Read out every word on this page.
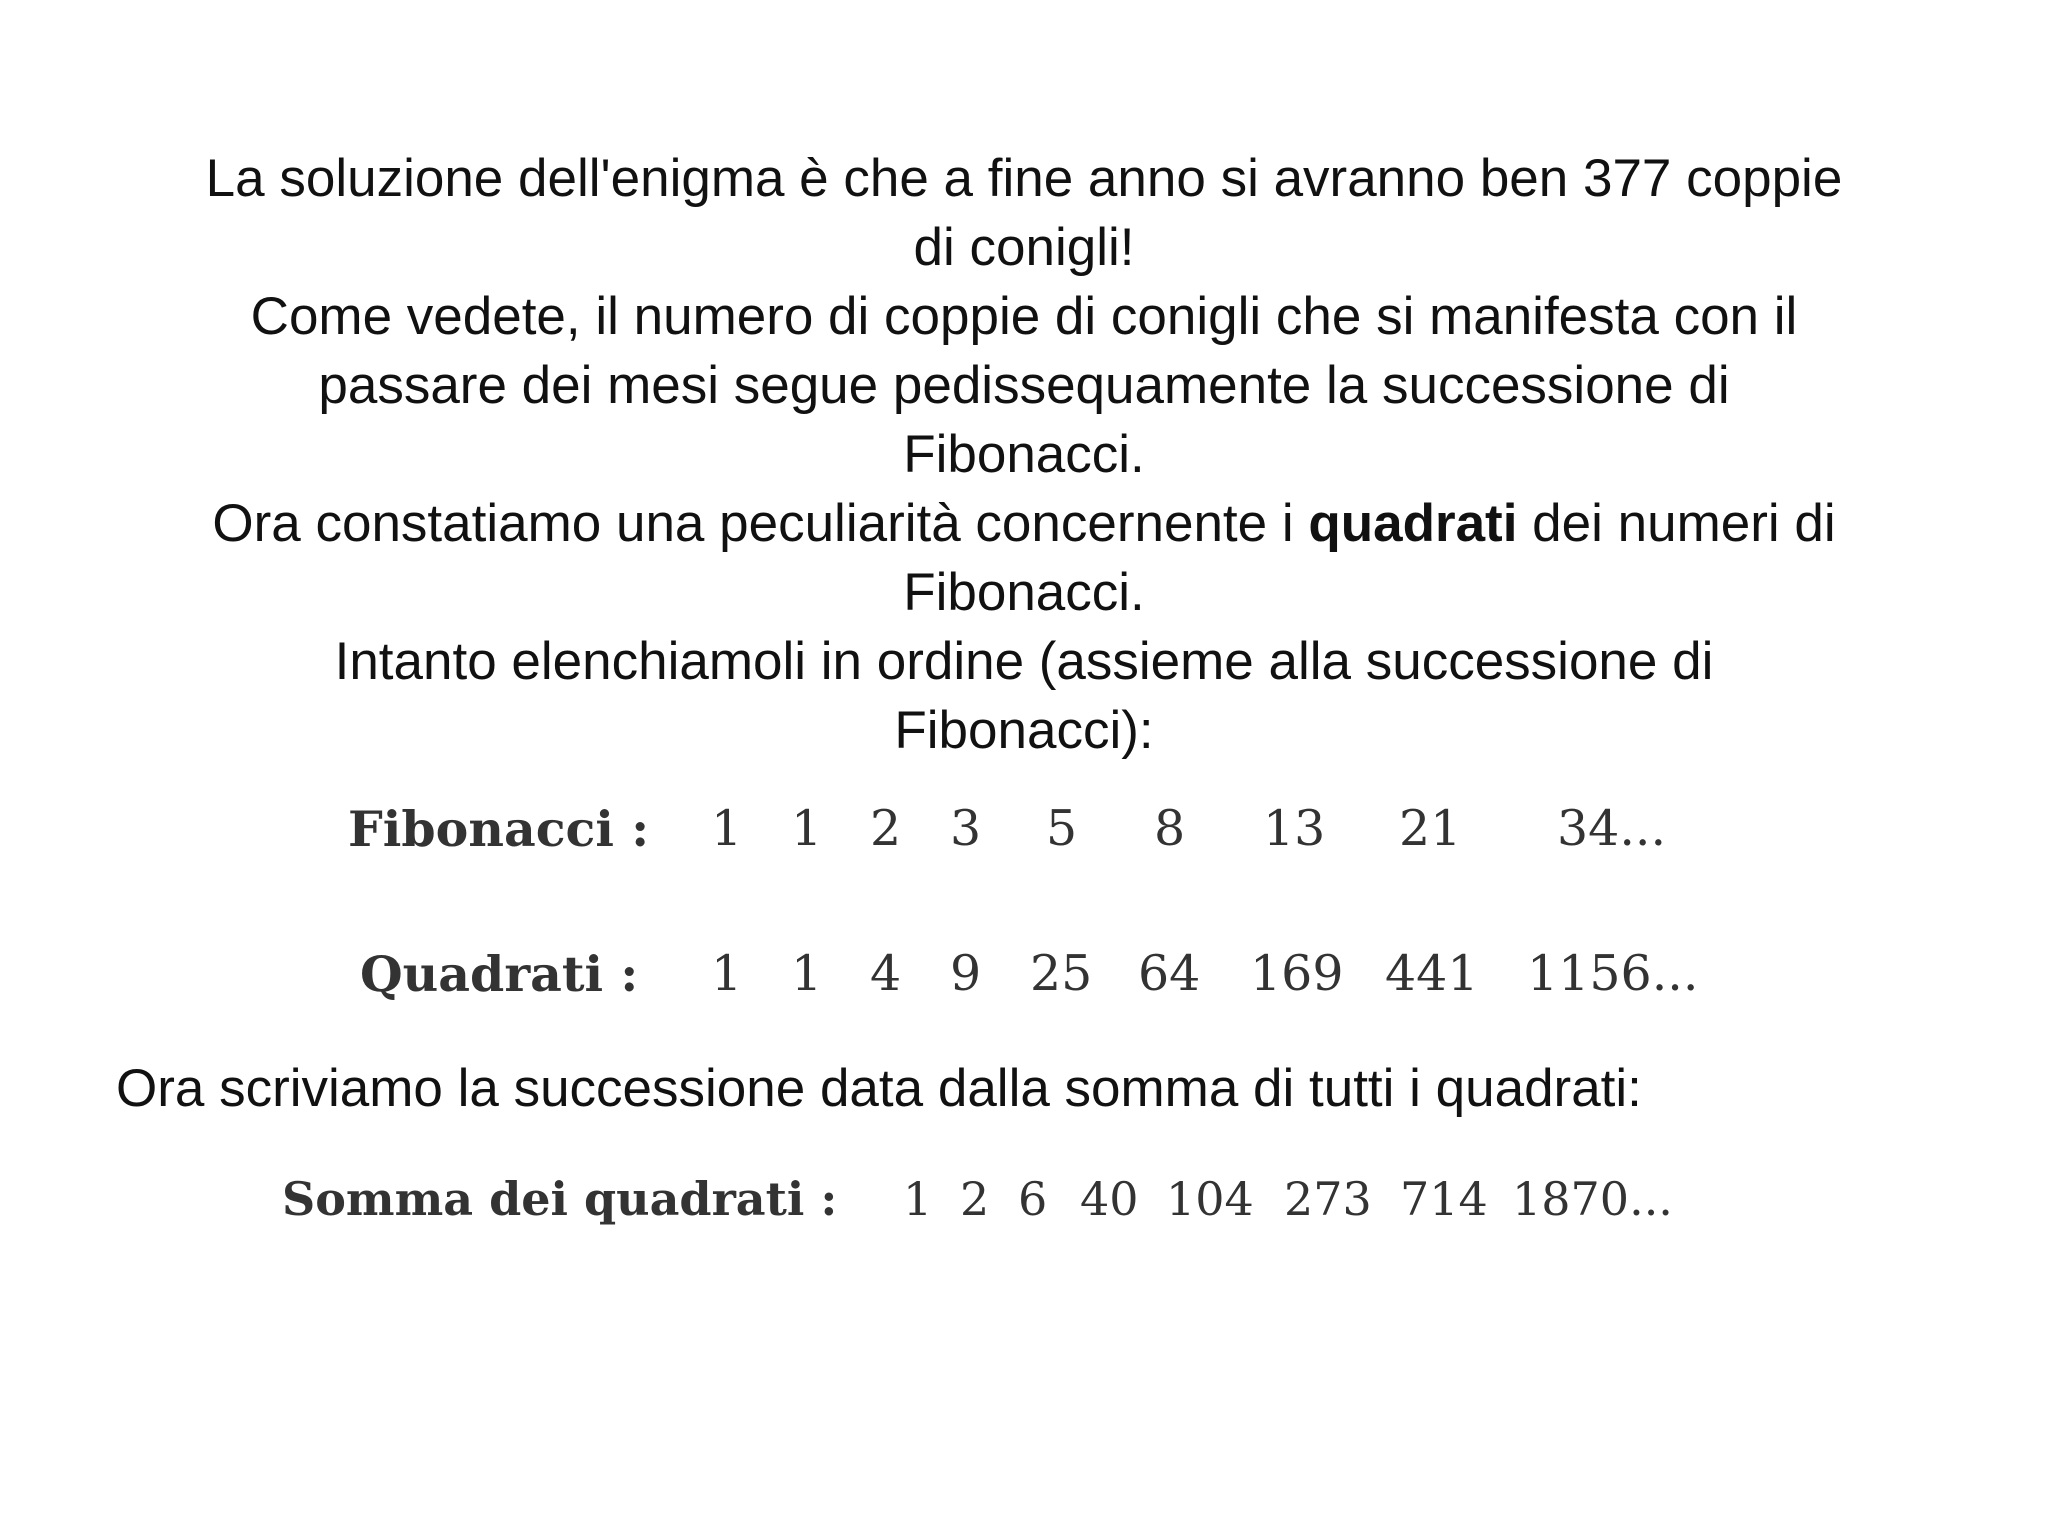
La soluzione dell'enigma è che a fine anno si avranno ben 377 coppie di conigli!

Come vedete, il numero di coppie di conigli che si manifesta con il passare dei mesi segue pedissequamente la successione di Fibonacci.

Ora constatiamo una peculiarità concernente i quadrati dei numeri di Fibonacci.

Intanto elenchiamoli in ordine (assieme alla successione di Fibonacci):

Fibonacci : 1 1 2 3 5 8 13 21 34...
Quadrati : 1 1 4 9 25 64 169 441 1156...
Ora scriviamo la successione data dalla somma di tutti i quadrati:
Somma dei quadrati : 1 2 6 40 104 273 714 1870...
